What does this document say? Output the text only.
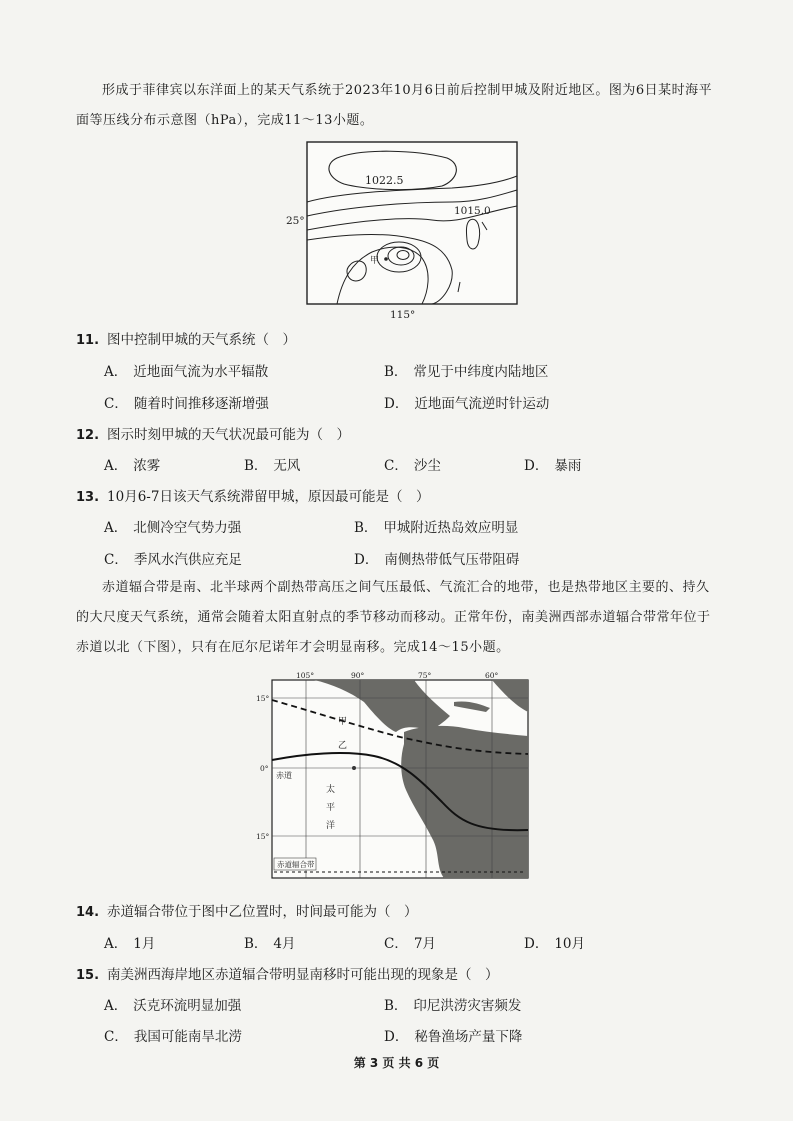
形成于菲律宾以东洋面上的某天气系统于2023年10月6日前后控制甲城及附近地区。图为6日某时海平面等压线分布示意图（hPa），完成11～13小题。

甲
1022.5
1015.0
25°
115°

11. 图中控制甲城的天气系统（　）

A． 近地面气流为水平辐散	B． 常见于中纬度内陆地区
C． 随着时间推移逐渐增强	D． 近地面气流逆时针运动

12. 图示时刻甲城的天气状况最可能为（　）

A． 浓雾	B． 无风	C． 沙尘	D． 暴雨

13. 10月6-7日该天气系统滞留甲城，原因最可能是（　）

A． 北侧冷空气势力强	B． 甲城附近热岛效应明显
C． 季风水汽供应充足	D． 南侧热带低气压带阻碍

赤道辐合带是南、北半球两个副热带高压之间气压最低、气流汇合的地带，也是热带地区主要的、持久的大尺度天气系统，通常会随着太阳直射点的季节移动而移动。正常年份，南美洲西部赤道辐合带常年位于赤道以北（下图），只有在厄尔尼诺年才会明显南移。完成14～15小题。

105°	90°	75°	60°
15°
0°
15°
甲
乙
赤道
太
平
洋
赤道辐合带

14. 赤道辐合带位于图中乙位置时，时间最可能为（　）

A． 1月	B． 4月	C． 7月	D． 10月

15. 南美洲西海岸地区赤道辐合带明显南移时可能出现的现象是（　）

A． 沃克环流明显加强	B． 印尼洪涝灾害频发
C． 我国可能南旱北涝	D． 秘鲁渔场产量下降
第 3 页 共 6 页
